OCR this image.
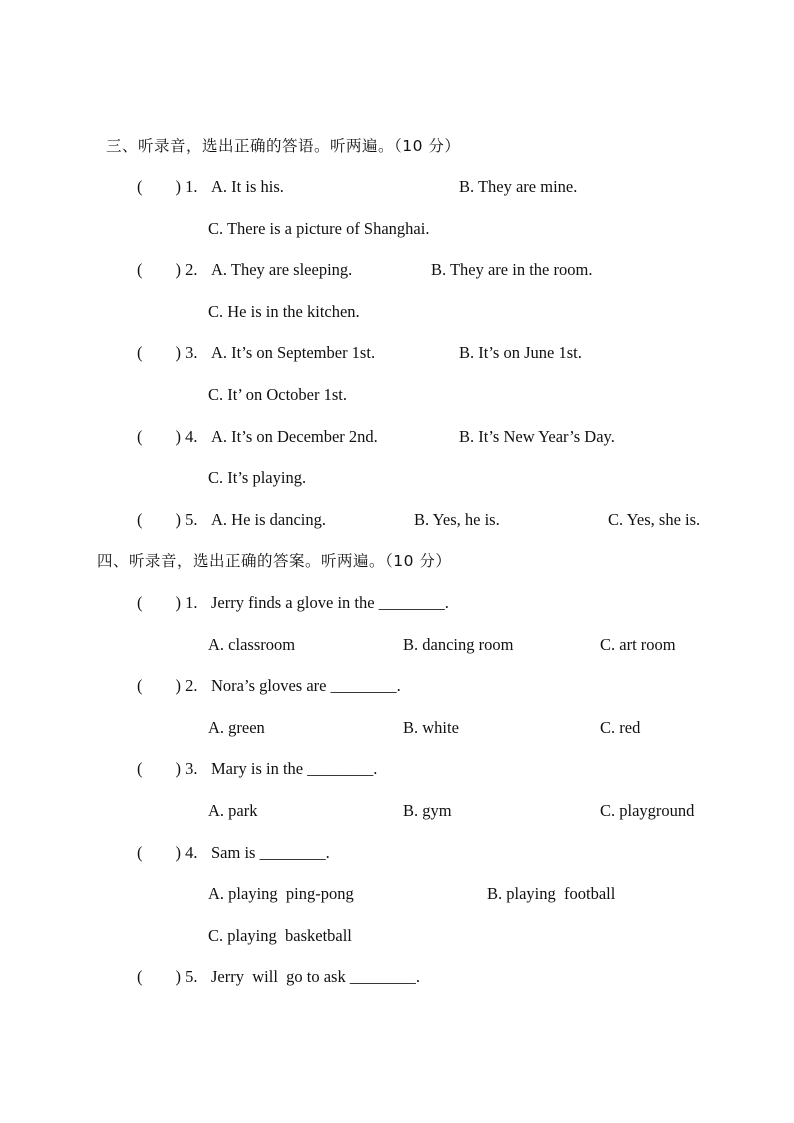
三、听录音，选出正确的答语。听两遍。（10 分）
(        ) 1. A. It is his.	B. They are mine.
C. There is a picture of Shanghai.
(        ) 2. A. They are sleeping.	B. They are in the room.
C. He is in the kitchen.
(        ) 3. A. It’s on September 1st.	B. It’s on June 1st.
C. It’ on October 1st.
(        ) 4. A. It’s on December 2nd.	B. It’s New Year’s Day.
C. It’s playing.
(        ) 5. A. He is dancing.	B. Yes, he is.	C. Yes, she is.
四、听录音，选出正确的答案。听两遍。（10 分）
(        ) 1. Jerry finds a glove in the ________.
A. classroom	B. dancing room	C. art room
(        ) 2. Nora’s gloves are ________.
A. green	B. white	C. red
(        ) 3. Mary is in the ________.
A. park	B. gym	C. playground
(        ) 4. Sam is ________.
A. playing  ping-pong	B. playing  football
C. playing  basketball
(        ) 5. Jerry  will  go to ask ________.
